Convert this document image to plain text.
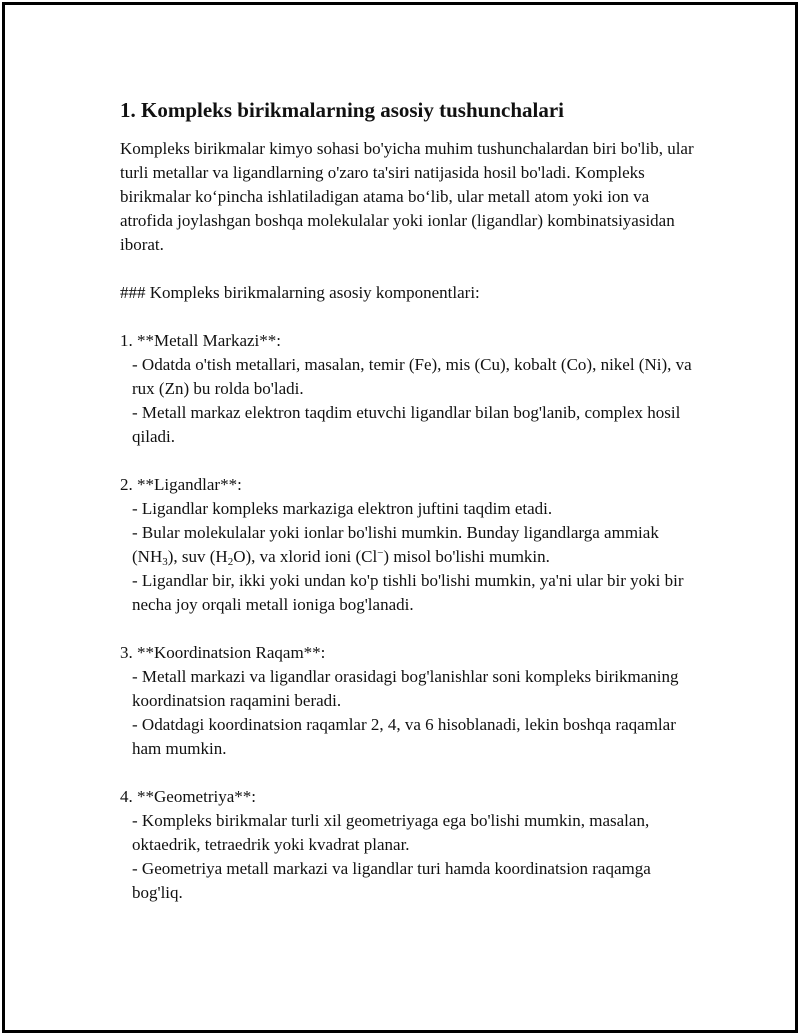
1. Kompleks birikmalarning asosiy tushunchalari

Kompleks birikmalar kimyo sohasi bo'yicha muhim tushunchalardan biri bo'lib, ular turli metallar va ligandlarning o'zaro ta'siri natijasida hosil bo'ladi. Kompleks birikmalar koʻpincha ishlatiladigan atama boʻlib, ular metall atom yoki ion va atrofida joylashgan boshqa molekulalar yoki ionlar (ligandlar) kombinatsiyasidan iborat.

### Kompleks birikmalarning asosiy komponentlari:

1. **Metall Markazi**:

- Odatda o'tish metallari, masalan, temir (Fe), mis (Cu), kobalt (Co), nikel (Ni), va rux (Zn) bu rolda bo'ladi.

- Metall markaz elektron taqdim etuvchi ligandlar bilan bog'lanib, complex hosil qiladi.

2. **Ligandlar**:

- Ligandlar kompleks markaziga elektron juftini taqdim etadi.

- Bular molekulalar yoki ionlar bo'lishi mumkin. Bunday ligandlarga ammiak $(NH_3)$, suv $(H_2O)$, va xlorid ioni (Cl−) misol bo'lishi mumkin.

- Ligandlar bir, ikki yoki undan ko'p tishli bo'lishi mumkin, ya'ni ular bir yoki bir necha joy orqali metall ioniga bog'lanadi.

3. **Koordinatsion Raqam**:

- Metall markazi va ligandlar orasidagi bog'lanishlar soni kompleks birikmaning koordinatsion raqamini beradi.

- Odatdagi koordinatsion raqamlar 2, 4, va 6 hisoblanadi, lekin boshqa raqamlar ham mumkin.

4. **Geometriya**:

- Kompleks birikmalar turli xil geometriyaga ega bo'lishi mumkin, masalan, oktaedrik, tetraedrik yoki kvadrat planar.

- Geometriya metall markazi va ligandlar turi hamda koordinatsion raqamga bog'liq.
